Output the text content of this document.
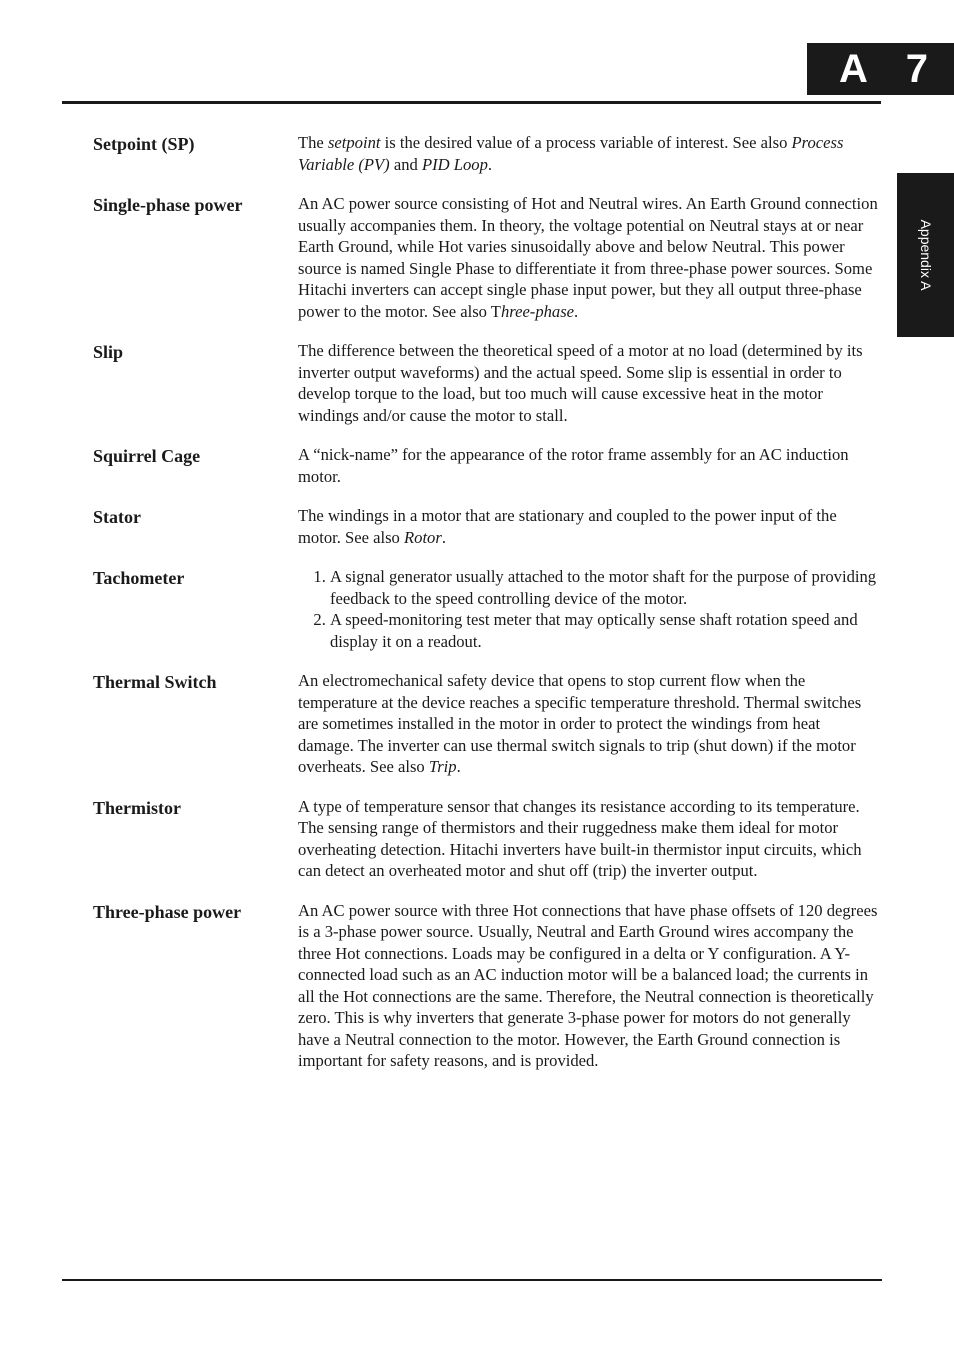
A 7
Appendix A
Setpoint (SP)	The setpoint is the desired value of a process variable of interest. See also Process Variable (PV) and PID Loop.

Single-phase power	An AC power source consisting of Hot and Neutral wires. An Earth Ground connection usually accompanies them. In theory, the voltage potential on Neutral stays at or near Earth Ground, while Hot varies sinusoidally above and below Neutral. This power source is named Single Phase to differentiate it from three-phase power sources. Some Hitachi inverters can accept single phase input power, but they all output three-phase power to the motor. See also Three-phase.

Slip	The difference between the theoretical speed of a motor at no load (determined by its inverter output waveforms) and the actual speed. Some slip is essential in order to develop torque to the load, but too much will cause excessive heat in the motor windings and/or cause the motor to stall.

Squirrel Cage	A “nick-name” for the appearance of the rotor frame assembly for an AC induction motor.

Stator	The windings in a motor that are stationary and coupled to the power input of the motor. See also Rotor.

Tachometer
1.	A signal generator usually attached to the motor shaft for the purpose of providing feedback to the speed controlling device of the motor.
2. A speed-monitoring test meter that may optically sense shaft rotation speed and display it on a readout.
Thermal Switch	An electromechanical safety device that opens to stop current flow when the temperature at the device reaches a specific temperature threshold. Thermal switches are sometimes installed in the motor in order to protect the windings from heat damage. The inverter can use thermal switch signals to trip (shut down) if the motor overheats. See also Trip.

Thermistor	A type of temperature sensor that changes its resistance according to its temperature. The sensing range of thermistors and their ruggedness make them ideal for motor overheating detection. Hitachi inverters have built-in thermistor input circuits, which can detect an overheated motor and shut off (trip) the inverter output.

Three-phase power	An AC power source with three Hot connections that have phase offsets of 120 degrees is a 3-phase power source. Usually, Neutral and Earth Ground wires accompany the three Hot connections. Loads may be configured in a delta or Y configuration. A Y-connected load such as an AC induction motor will be a balanced load; the currents in all the Hot connections are the same. Therefore, the Neutral connection is theoretically zero. This is why inverters that generate 3-phase power for motors do not generally have a Neutral connection to the motor. However, the Earth Ground connection is important for safety reasons, and is provided.
